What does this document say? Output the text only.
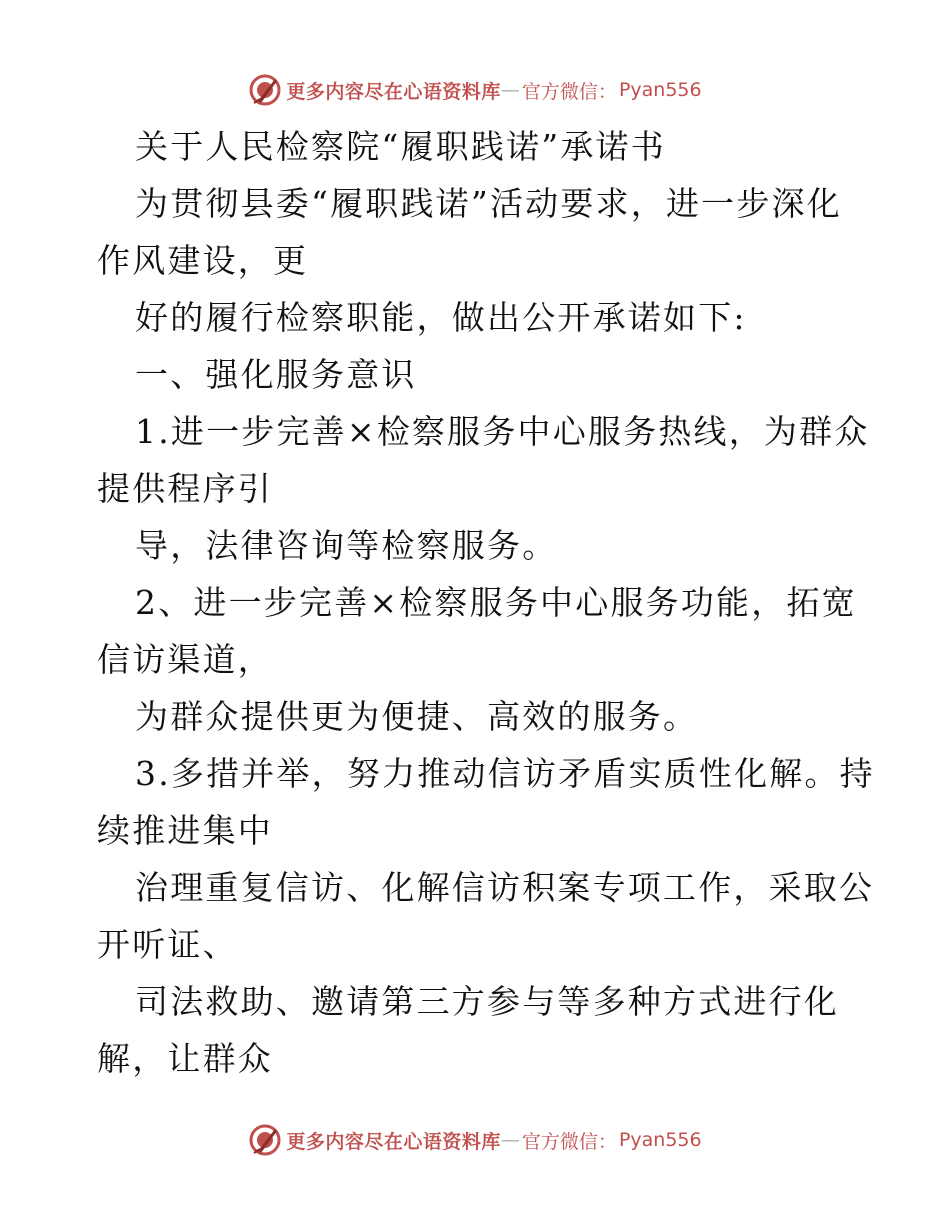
更多内容尽在心语资料库 — 官方微信： Pyan556
关于人民检察院“履职践诺”承诺书
为贯彻县委“履职践诺”活动要求，进一步深化
作风建设，更
好的履行检察职能，做出公开承诺如下:
一、强化服务意识
1.进一步完善×检察服务中心服务热线，为群众
提供程序引
导，法律咨询等检察服务。
2、进一步完善×检察服务中心服务功能，拓宽
信访渠道，
为群众提供更为便捷、高效的服务。
3.多措并举，努力推动信访矛盾实质性化解。持
续推进集中
治理重复信访、化解信访积案专项工作，采取公
开听证、
司法救助、邀请第三方参与等多种方式进行化
解，让群众
更多内容尽在心语资料库 — 官方微信： Pyan556
